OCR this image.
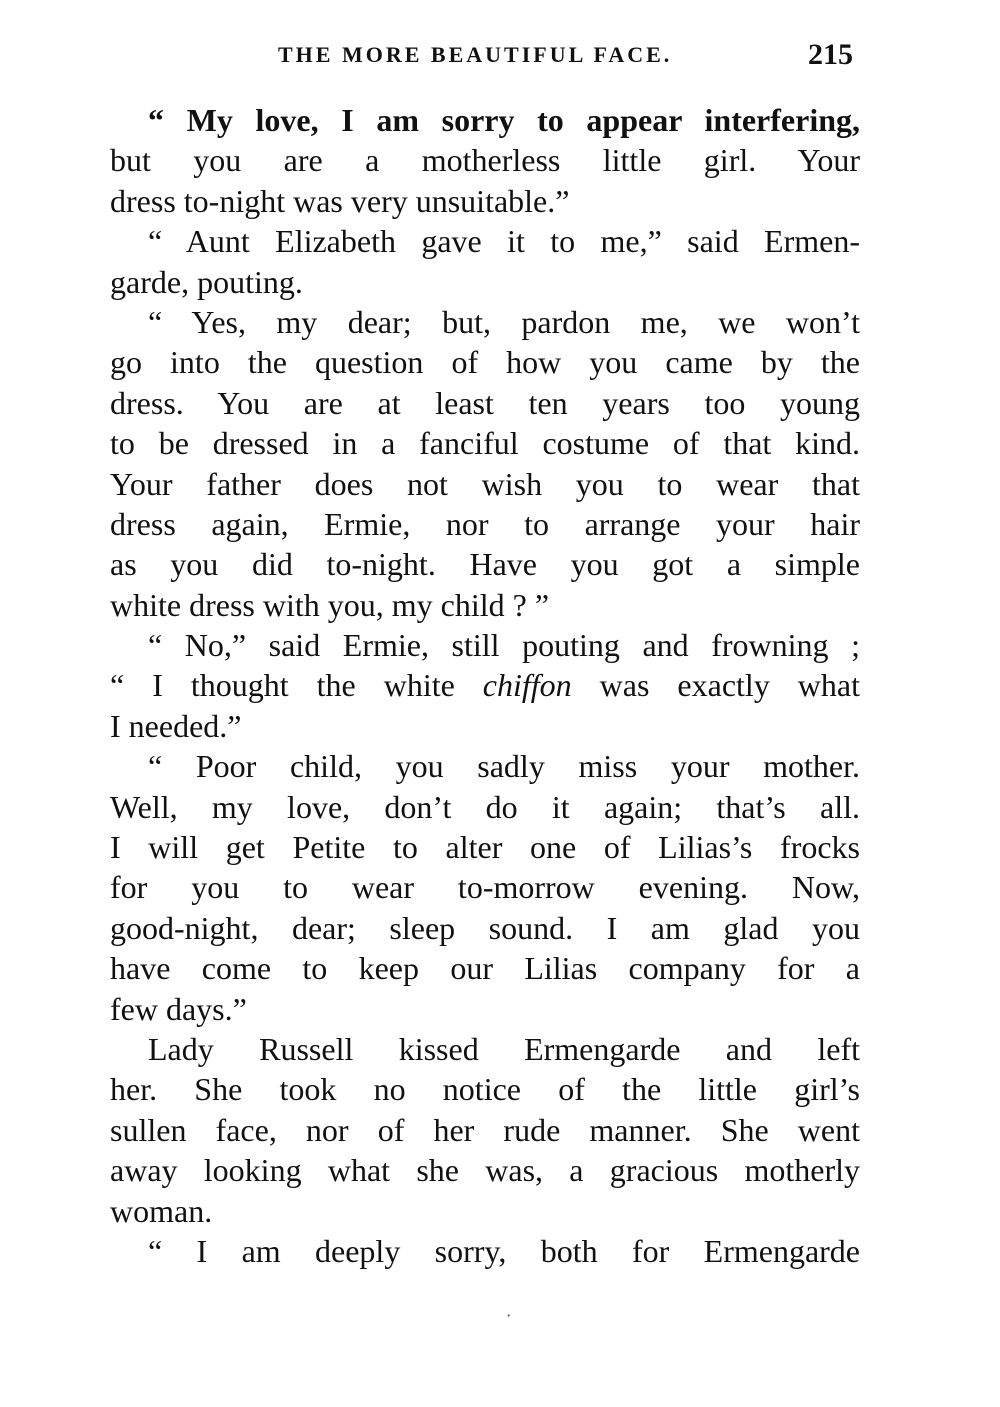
THE MORE BEAUTIFUL FACE.	215
“ My love, I am sorry to appear interfering,
but you are a motherless little girl. Your
dress to-night was very unsuitable.”
“ Aunt Elizabeth gave it to me,” said Ermen-
garde, pouting.
“ Yes, my dear; but, pardon me, we won’t
go into the question of how you came by the
dress. You are at least ten years too young
to be dressed in a fanciful costume of that kind.
Your father does not wish you to wear that
dress again, Ermie, nor to arrange your hair
as you did to-night. Have you got a simple
white dress with you, my child ? ”
“ No,” said Ermie, still pouting and frowning ;
“ I thought the white chiffon was exactly what
I needed.”
“ Poor child, you sadly miss your mother.
Well, my love, don’t do it again; that’s all.
I will get Petite to alter one of Lilias’s frocks
for you to wear to-morrow evening. Now,
good-night, dear; sleep sound. I am glad you
have come to keep our Lilias company for a
few days.”
Lady Russell kissed Ermengarde and left
her. She took no notice of the little girl’s
sullen face, nor of her rude manner. She went
away looking what she was, a gracious motherly
woman.
“ I am deeply sorry, both for Ermengarde
⋅
